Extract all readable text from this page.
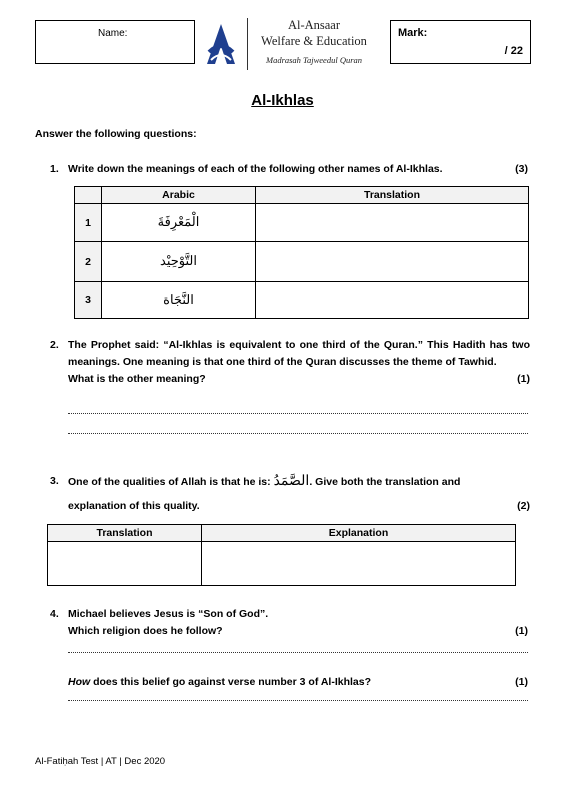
Name:
Al-Ansaar
Welfare & Education
Madrasah Tajweedul Quran
Mark:
/ 22
Al-Ikhlas
Answer the following questions:
1. Write down the meanings of each of the following other names of Al-Ikhlas.	(3)
	Arabic	Translation
1	الْمَعْرِفَةَ	
2	التَّوْحِيْد	
3	النَّجَاة	
2. The Prophet said: “Al-Ikhlas is equivalent to one third of the Quran.” This Hadith has two meanings. One meaning is that one third of the Quran discusses the theme of Tawhid.
What is the other meaning?	(1)
3. One of the qualities of Allah is that he is: الصَّمَدُ. Give both the translation and
explanation of this quality.	(2)
Translation	Explanation

4. Michael believes Jesus is “Son of God”.
Which religion does he follow?	(1)
How does this belief go against verse number 3 of Al-Ikhlas?	(1)
Al-Fatiḥah Test | AT | Dec 2020
